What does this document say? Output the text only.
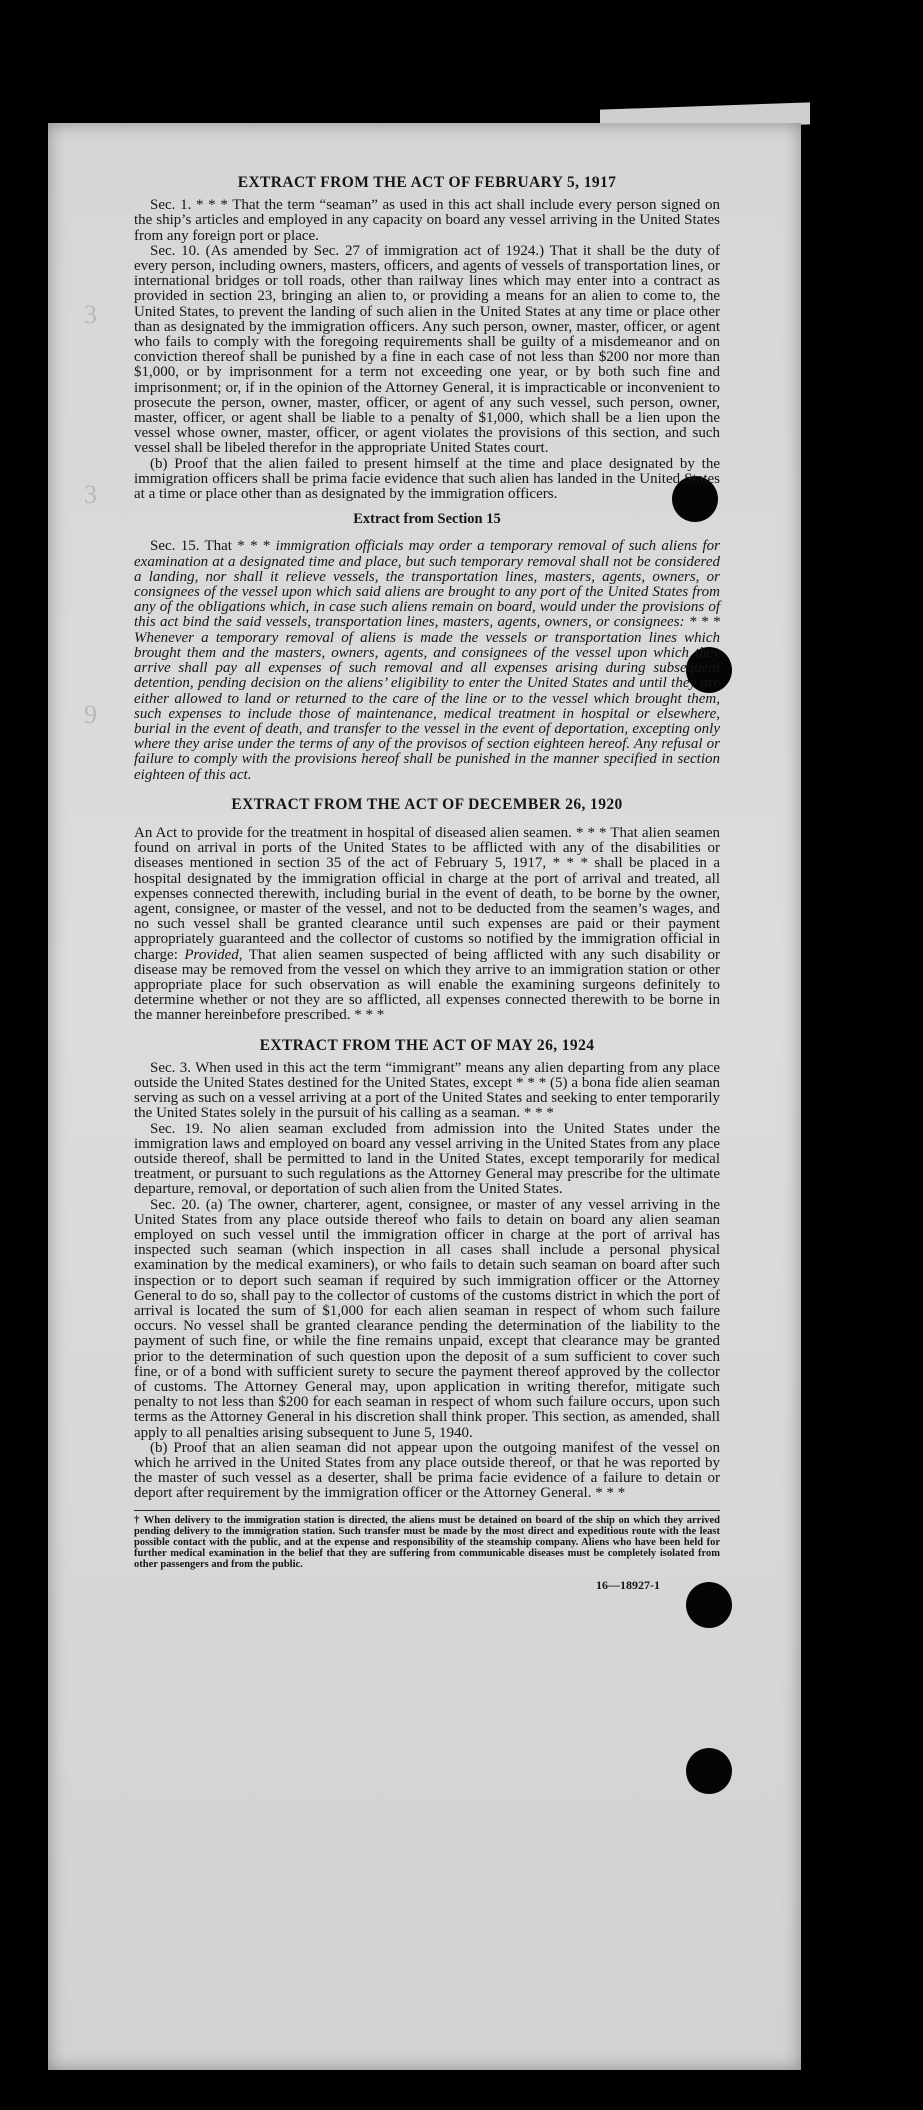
3
3
9
EXTRACT FROM THE ACT OF FEBRUARY 5, 1917

Sec. 1. * * * That the term “seaman” as used in this act shall include every person signed on the ship’s articles and employed in any capacity on board any vessel arriving in the United States from any foreign port or place.

Sec. 10. (As amended by Sec. 27 of immigration act of 1924.) That it shall be the duty of every person, including owners, masters, officers, and agents of vessels of transportation lines, or international bridges or toll roads, other than railway lines which may enter into a contract as provided in section 23, bringing an alien to, or providing a means for an alien to come to, the United States, to prevent the landing of such alien in the United States at any time or place other than as designated by the immigration officers. Any such person, owner, master, officer, or agent who fails to comply with the foregoing requirements shall be guilty of a misdemeanor and on conviction thereof shall be punished by a fine in each case of not less than $200 nor more than $1,000, or by imprisonment for a term not exceeding one year, or by both such fine and imprisonment; or, if in the opinion of the Attorney General, it is impracticable or inconvenient to prosecute the person, owner, master, officer, or agent of any such vessel, such person, owner, master, officer, or agent shall be liable to a penalty of $1,000, which shall be a lien upon the vessel whose owner, master, officer, or agent violates the provisions of this section, and such vessel shall be libeled therefor in the appropriate United States court.

(b) Proof that the alien failed to present himself at the time and place designated by the immigration officers shall be prima facie evidence that such alien has landed in the United States at a time or place other than as designated by the immigration officers.

Extract from Section 15

Sec. 15. That * * * immigration officials may order a temporary removal of such aliens for examination at a designated time and place, but such temporary removal shall not be considered a landing, nor shall it relieve vessels, the transportation lines, masters, agents, owners, or consignees of the vessel upon which said aliens are brought to any port of the United States from any of the obligations which, in case such aliens remain on board, would under the provisions of this act bind the said vessels, transportation lines, masters, agents, owners, or consignees: * * * Whenever a temporary removal of aliens is made the vessels or transportation lines which brought them and the masters, owners, agents, and consignees of the vessel upon which they arrive shall pay all expenses of such removal and all expenses arising during subsequent detention, pending decision on the aliens’ eligibility to enter the United States and until they are either allowed to land or returned to the care of the line or to the vessel which brought them, such expenses to include those of maintenance, medical treatment in hospital or elsewhere, burial in the event of death, and transfer to the vessel in the event of deportation, excepting only where they arise under the terms of any of the provisos of section eighteen hereof. Any refusal or failure to comply with the provisions hereof shall be punished in the manner specified in section eighteen of this act.

EXTRACT FROM THE ACT OF DECEMBER 26, 1920

An Act to provide for the treatment in hospital of diseased alien seamen. * * * That alien seamen found on arrival in ports of the United States to be afflicted with any of the disabilities or diseases mentioned in section 35 of the act of February 5, 1917, * * * shall be placed in a hospital designated by the immigration official in charge at the port of arrival and treated, all expenses connected therewith, including burial in the event of death, to be borne by the owner, agent, consignee, or master of the vessel, and not to be deducted from the seamen’s wages, and no such vessel shall be granted clearance until such expenses are paid or their payment appropriately guaranteed and the collector of customs so notified by the immigration official in charge: Provided, That alien seamen suspected of being afflicted with any such disability or disease may be removed from the vessel on which they arrive to an immigration station or other appropriate place for such observation as will enable the examining surgeons definitely to determine whether or not they are so afflicted, all expenses connected therewith to be borne in the manner hereinbefore prescribed. * * *

EXTRACT FROM THE ACT OF MAY 26, 1924

Sec. 3. When used in this act the term “immigrant” means any alien departing from any place outside the United States destined for the United States, except * * * (5) a bona fide alien seaman serving as such on a vessel arriving at a port of the United States and seeking to enter temporarily the United States solely in the pursuit of his calling as a seaman. * * *

Sec. 19. No alien seaman excluded from admission into the United States under the immigration laws and employed on board any vessel arriving in the United States from any place outside thereof, shall be permitted to land in the United States, except temporarily for medical treatment, or pursuant to such regulations as the Attorney General may prescribe for the ultimate departure, removal, or deportation of such alien from the United States.

Sec. 20. (a) The owner, charterer, agent, consignee, or master of any vessel arriving in the United States from any place outside thereof who fails to detain on board any alien seaman employed on such vessel until the immigration officer in charge at the port of arrival has inspected such seaman (which inspection in all cases shall include a personal physical examination by the medical examiners), or who fails to detain such seaman on board after such inspection or to deport such seaman if required by such immigration officer or the Attorney General to do so, shall pay to the collector of customs of the customs district in which the port of arrival is located the sum of $1,000 for each alien seaman in respect of whom such failure occurs. No vessel shall be granted clearance pending the determination of the liability to the payment of such fine, or while the fine remains unpaid, except that clearance may be granted prior to the determination of such question upon the deposit of a sum sufficient to cover such fine, or of a bond with sufficient surety to secure the payment thereof approved by the collector of customs. The Attorney General may, upon application in writing therefor, mitigate such penalty to not less than $200 for each seaman in respect of whom such failure occurs, upon such terms as the Attorney General in his discretion shall think proper. This section, as amended, shall apply to all penalties arising subsequent to June 5, 1940.

(b) Proof that an alien seaman did not appear upon the outgoing manifest of the vessel on which he arrived in the United States from any place outside thereof, or that he was reported by the master of such vessel as a deserter, shall be prima facie evidence of a failure to detain or deport after requirement by the immigration officer or the Attorney General. * * *

† When delivery to the immigration station is directed, the aliens must be detained on board of the ship on which they arrived pending delivery to the immigration station. Such transfer must be made by the most direct and expeditious route with the least possible contact with the public, and at the expense and responsibility of the steamship company. Aliens who have been held for further medical examination in the belief that they are suffering from communicable diseases must be completely isolated from other passengers and from the public.
16—18927-1
